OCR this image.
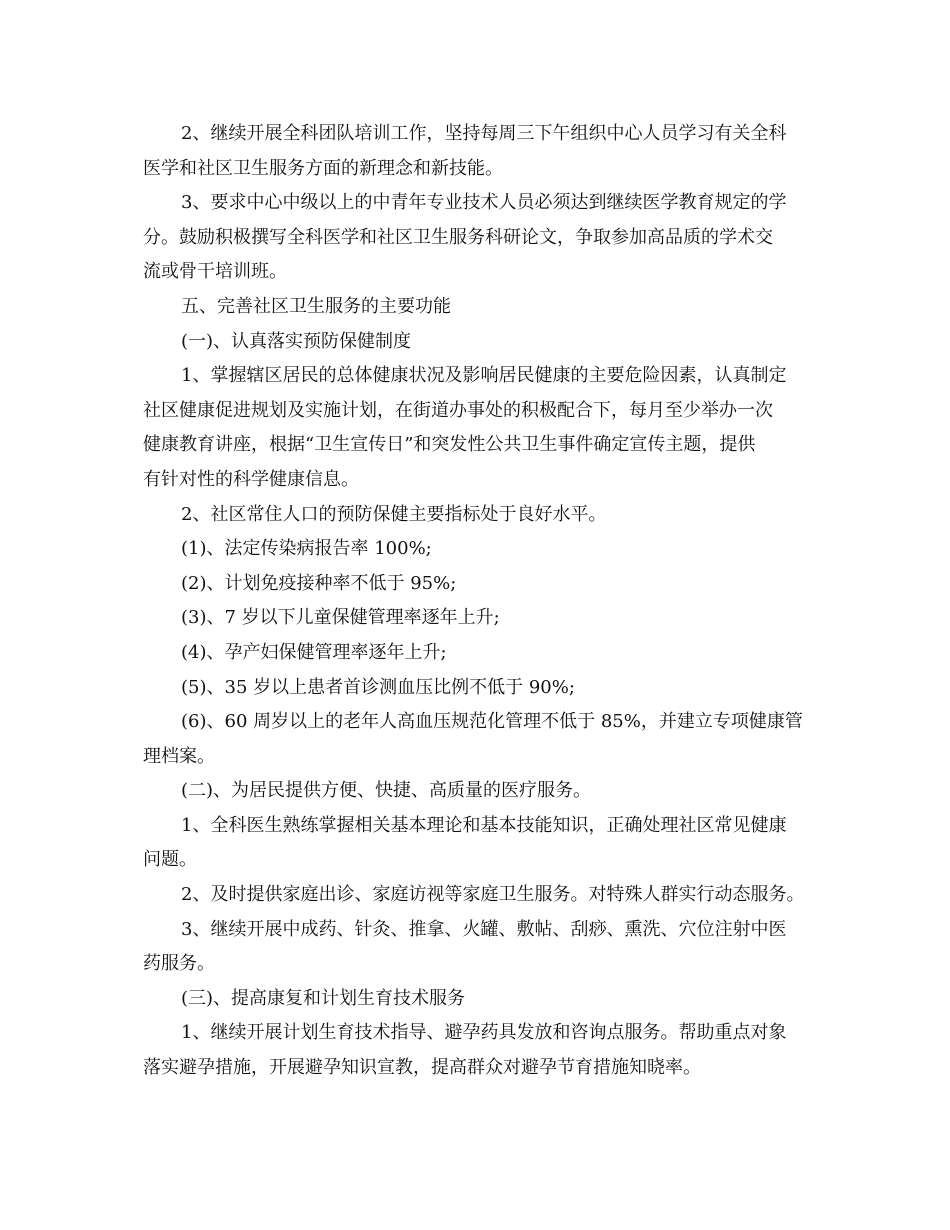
2、继续开展全科团队培训工作，坚持每周三下午组织中心人员学习有关全科
医学和社区卫生服务方面的新理念和新技能。
3、要求中心中级以上的中青年专业技术人员必须达到继续医学教育规定的学
分。鼓励积极撰写全科医学和社区卫生服务科研论文，争取参加高品质的学术交
流或骨干培训班。
五、完善社区卫生服务的主要功能
(一)、认真落实预防保健制度
1、掌握辖区居民的总体健康状况及影响居民健康的主要危险因素，认真制定
社区健康促进规划及实施计划，在街道办事处的积极配合下，每月至少举办一次
健康教育讲座，根据“卫生宣传日”和突发性公共卫生事件确定宣传主题，提供
有针对性的科学健康信息。
2、社区常住人口的预防保健主要指标处于良好水平。
(1)、法定传染病报告率 100%;
(2)、计划免疫接种率不低于 95%;
(3)、7 岁以下儿童保健管理率逐年上升;
(4)、孕产妇保健管理率逐年上升;
(5)、35 岁以上患者首诊测血压比例不低于 90%;
(6)、60 周岁以上的老年人高血压规范化管理不低于 85%，并建立专项健康管
理档案。
(二)、为居民提供方便、快捷、高质量的医疗服务。
1、全科医生熟练掌握相关基本理论和基本技能知识，正确处理社区常见健康
问题。
2、及时提供家庭出诊、家庭访视等家庭卫生服务。对特殊人群实行动态服务。
3、继续开展中成药、针灸、推拿、火罐、敷帖、刮痧、熏洗、穴位注射中医
药服务。
(三)、提高康复和计划生育技术服务
1、继续开展计划生育技术指导、避孕药具发放和咨询点服务。帮助重点对象
落实避孕措施，开展避孕知识宣教，提高群众对避孕节育措施知晓率。
